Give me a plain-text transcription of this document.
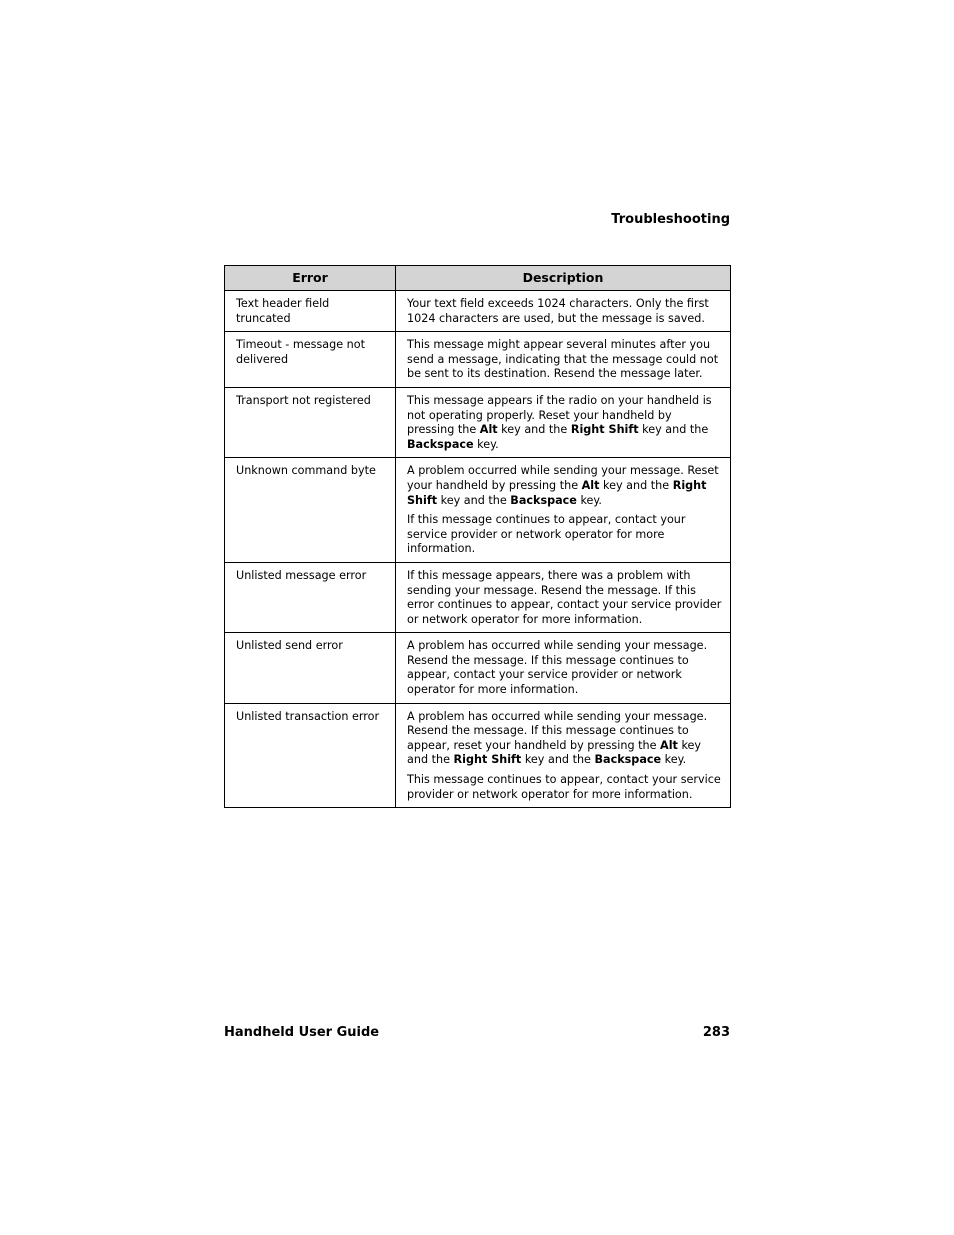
Troubleshooting
Error	Description
Text header field truncated	Your text field exceeds 1024 characters. Only the first 1024 characters are used, but the message is saved.

Timeout - message not delivered	This message might appear several minutes after you send a message, indicating that the message could not be sent to its destination. Resend the message later.

Transport not registered	This message appears if the radio on your handheld is not operating properly. Reset your handheld by pressing the Alt key and the Right Shift key and the Backspace key.

Unknown command byte	A problem occurred while sending your message. Reset your handheld by pressing the Alt key and the Right Shift key and the Backspace key.

If this message continues to appear, contact your service provider or network operator for more information.

Unlisted message error	If this message appears, there was a problem with sending your message. Resend the message. If this error continues to appear, contact your service provider or network operator for more information.

Unlisted send error	A problem has occurred while sending your message. Resend the message. If this message continues to appear, contact your service provider or network operator for more information.

Unlisted transaction error	A problem has occurred while sending your message. Resend the message. If this message continues to appear, reset your handheld by pressing the Alt key and the Right Shift key and the Backspace key.

This message continues to appear, contact your service provider or network operator for more information.

Handheld User Guide	283
